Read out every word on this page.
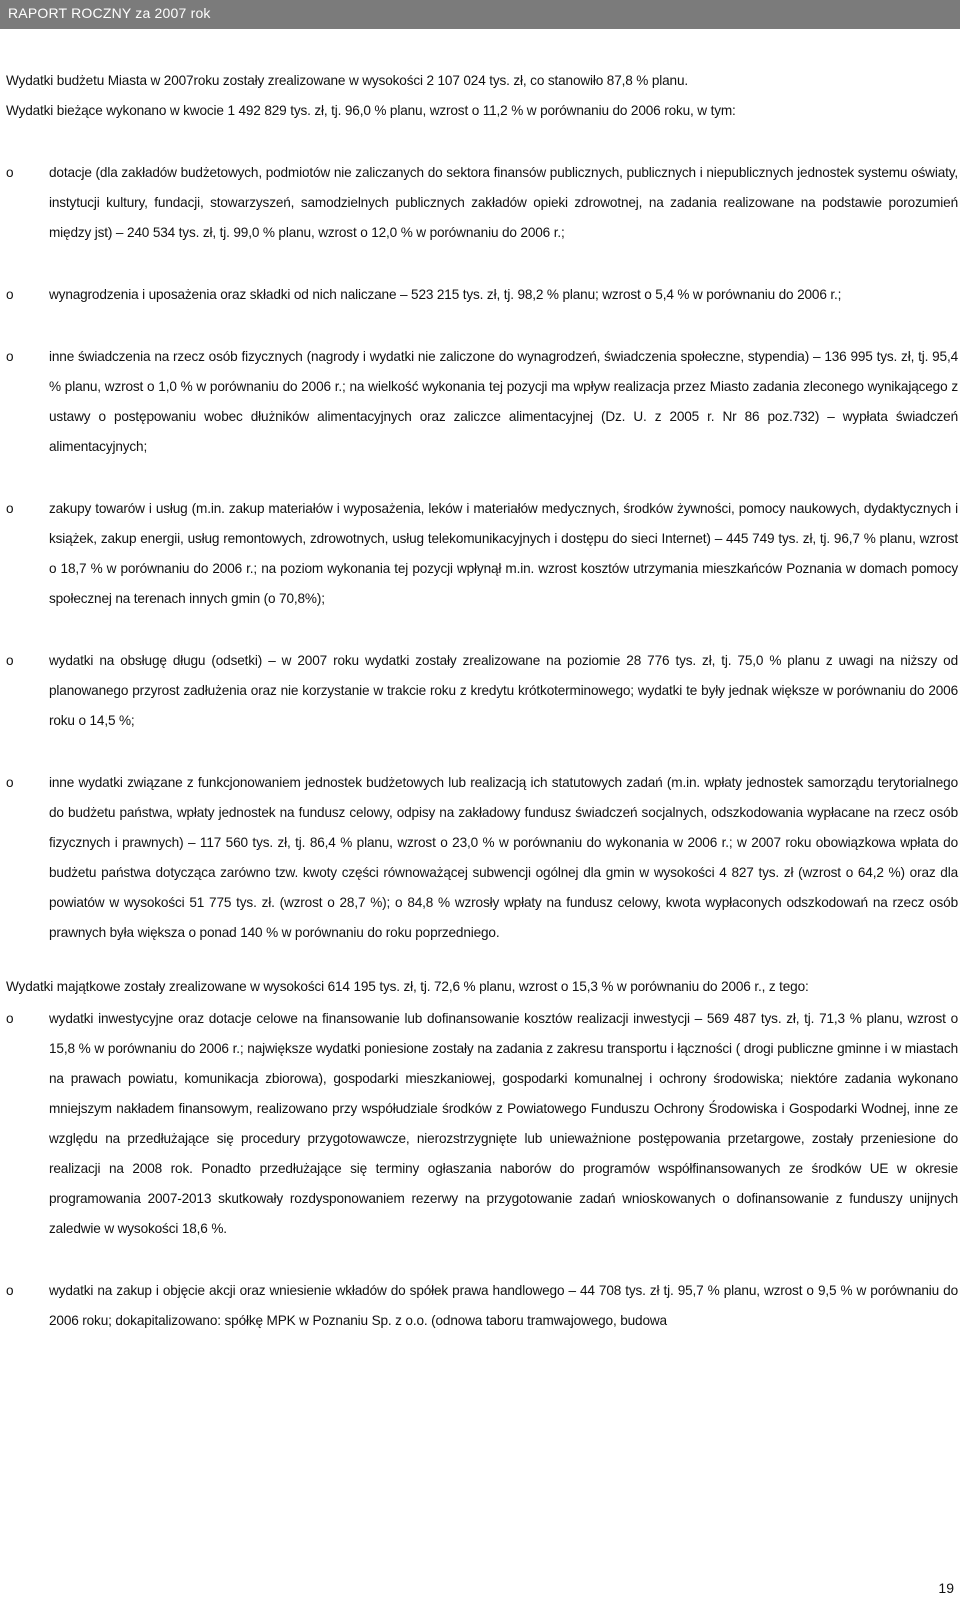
RAPORT ROCZNY za 2007 rok

Wydatki budżetu Miasta w 2007roku zostały zrealizowane w wysokości 2 107 024 tys. zł, co stanowiło 87,8 % planu.

Wydatki bieżące wykonano w kwocie 1 492 829 tys. zł, tj. 96,0 % planu, wzrost o 11,2 % w porównaniu do 2006 roku, w tym:

o	dotacje (dla zakładów budżetowych, podmiotów nie zaliczanych do sektora finansów publicznych, publicznych i niepublicznych jednostek systemu oświaty, instytucji kultury, fundacji, stowarzyszeń, samodzielnych publicznych zakładów opieki zdrowotnej, na zadania realizowane na podstawie porozumień między jst) – 240 534 tys. zł, tj. 99,0 % planu, wzrost o 12,0 % w porównaniu do 2006 r.;
o	wynagrodzenia i uposażenia oraz składki od nich naliczane – 523 215 tys. zł, tj. 98,2 % planu; wzrost o 5,4 % w porównaniu do 2006 r.;
o	inne świadczenia na rzecz osób fizycznych (nagrody i wydatki nie zaliczone do wynagrodzeń, świadczenia społeczne, stypendia) – 136 995 tys. zł, tj. 95,4 % planu, wzrost o 1,0 % w porównaniu do 2006 r.; na wielkość wykonania tej pozycji ma wpływ realizacja przez Miasto zadania zleconego wynikającego z ustawy o postępowaniu wobec dłużników alimentacyjnych oraz zaliczce alimentacyjnej (Dz. U. z 2005 r. Nr 86 poz.732) – wypłata świadczeń alimentacyjnych;
o	zakupy towarów i usług (m.in. zakup materiałów i wyposażenia, leków i materiałów medycznych, środków żywności, pomocy naukowych, dydaktycznych i książek, zakup energii, usług remontowych, zdrowotnych, usług telekomunikacyjnych i dostępu do sieci Internet) – 445 749 tys. zł, tj. 96,7 % planu, wzrost o 18,7 % w porównaniu do 2006 r.; na poziom wykonania tej pozycji wpłynął m.in. wzrost kosztów utrzymania mieszkańców Poznania w domach pomocy społecznej na terenach innych gmin (o 70,8%);
o	wydatki na obsługę długu (odsetki) – w 2007 roku wydatki zostały zrealizowane na poziomie 28 776 tys. zł, tj. 75,0 % planu z uwagi na niższy od planowanego przyrost zadłużenia oraz nie korzystanie w trakcie roku z kredytu krótkoterminowego; wydatki te były jednak większe w porównaniu do 2006 roku o 14,5 %;
o	inne wydatki związane z funkcjonowaniem jednostek budżetowych lub realizacją ich statutowych zadań (m.in. wpłaty jednostek samorządu terytorialnego do budżetu państwa, wpłaty jednostek na fundusz celowy, odpisy na zakładowy fundusz świadczeń socjalnych, odszkodowania wypłacane na rzecz osób fizycznych i prawnych) – 117 560 tys. zł, tj. 86,4 % planu, wzrost o 23,0 % w porównaniu do wykonania w 2006 r.; w 2007 roku obowiązkowa wpłata do budżetu państwa dotycząca zarówno tzw. kwoty części równoważącej subwencji ogólnej dla gmin w wysokości 4 827 tys. zł (wzrost o 64,2 %) oraz dla powiatów w wysokości 51 775 tys. zł. (wzrost o 28,7 %); o 84,8 % wzrosły wpłaty na fundusz celowy, kwota wypłaconych odszkodowań na rzecz osób prawnych była większa o ponad 140 % w porównaniu do roku poprzedniego.

Wydatki majątkowe zostały zrealizowane w wysokości 614 195 tys. zł, tj. 72,6 % planu, wzrost o 15,3 % w porównaniu do 2006 r., z tego:

o	wydatki inwestycyjne oraz dotacje celowe na finansowanie lub dofinansowanie kosztów realizacji inwestycji – 569 487 tys. zł, tj. 71,3 % planu, wzrost o 15,8 % w porównaniu do 2006 r.; największe wydatki poniesione zostały na zadania z zakresu transportu i łączności ( drogi publiczne gminne i w miastach na prawach powiatu, komunikacja zbiorowa), gospodarki mieszkaniowej, gospodarki komunalnej i ochrony środowiska; niektóre zadania wykonano mniejszym nakładem finansowym, realizowano przy współudziale środków z Powiatowego Funduszu Ochrony Środowiska i Gospodarki Wodnej, inne ze względu na przedłużające się procedury przygotowawcze, nierozstrzygnięte lub unieważnione postępowania przetargowe, zostały przeniesione do realizacji na 2008 rok. Ponadto przedłużające się terminy ogłaszania naborów do programów współfinansowanych ze środków UE w okresie programowania 2007-2013 skutkowały rozdysponowaniem rezerwy na przygotowanie zadań wnioskowanych o dofinansowanie z funduszy unijnych zaledwie w wysokości 18,6 %.
o	wydatki na zakup i objęcie akcji oraz wniesienie wkładów do spółek prawa handlowego – 44 708 tys. zł tj. 95,7 % planu, wzrost o 9,5 % w porównaniu do 2006 roku; dokapitalizowano: spółkę MPK w Poznaniu Sp. z o.o. (odnowa taboru tramwajowego, budowa
19
